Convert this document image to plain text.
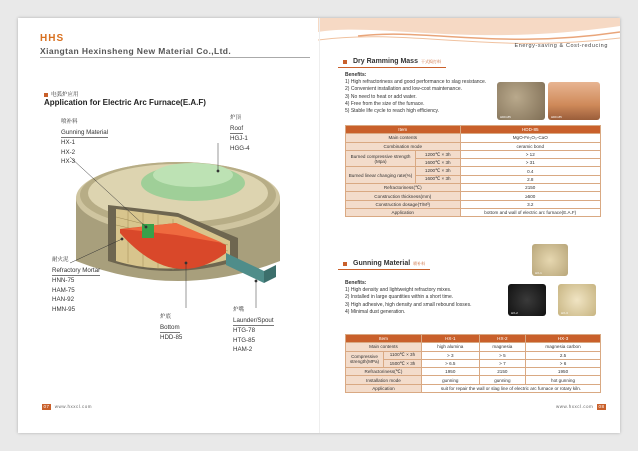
HHS
Xiangtan Hexinsheng New Material Co.,Ltd.
电弧炉应用
Application for Electric Arc Furnace(E.A.F)
喷补料
Gunning Material
HX-1
HX-2
HX-3
炉顶
Roof
HGJ-1
HGG-4
耐火泥
Refractory Mortar
HNN-75
HAM-75
HAN-92
HMN-95
炉底
Bottom
HDD-85
炉嘴
Launder/Spout
HTG-78
HTG-85
HAM-2
07 www.hxxcl.com
Energy-saving & Cost-reducing
Dry Ramming Mass 干式捣打料
Benefits:
1) High refractoriness and good performance to slag resistance.
2) Convenient installation and low-cost maintenance.
3) No need to heat or add water.
4) Free from the size of the furnace.
5) Stable life cycle to reach high efficiency.
HDD-85	HDD-85
Item		HDD-85
Main contents		MgO-Fe₂O₃-CaO
Combination mode		ceramic bond
Burned compressive strength (Mpa)	1200℃ × 3h	> 12
	1600℃ × 3h	> 31
Burned linear changing rate(%)	1200℃ × 3h	0.4
	1600℃ × 3h	2.8
Refractoriness(℃)		2150
Construction thickness(mm)		≥500
Construction dosage(T/M³)		3.2
Application		bottom and wall of electric arc furnace(E.A.F)
Gunning Material 喷补料
HX-1
HX-2	HX-3
Benefits:
1) High density and lightweight refractory mixes.
2) Installed in large quantities within a short time.
3) High adhesive, high density and small rebound losses.
4) Minimal dust generation.
Item		HX-1	HX-2	HX-3
Main contents		high alumina	magnesia	magnesia carbon
Compressive strength(MPa)	1100℃ × 3h	> 3	> 5	2.5
	1500℃ × 3h	> 6.5	> 7	> 6
Refractoriness(℃)		1950	2150	1950
Installation mode		gunning	gunning	hot gunning
Application		suit for repair the wall or slag line of electric arc furnace or rotary kiln.		
www.hxxcl.com 08
